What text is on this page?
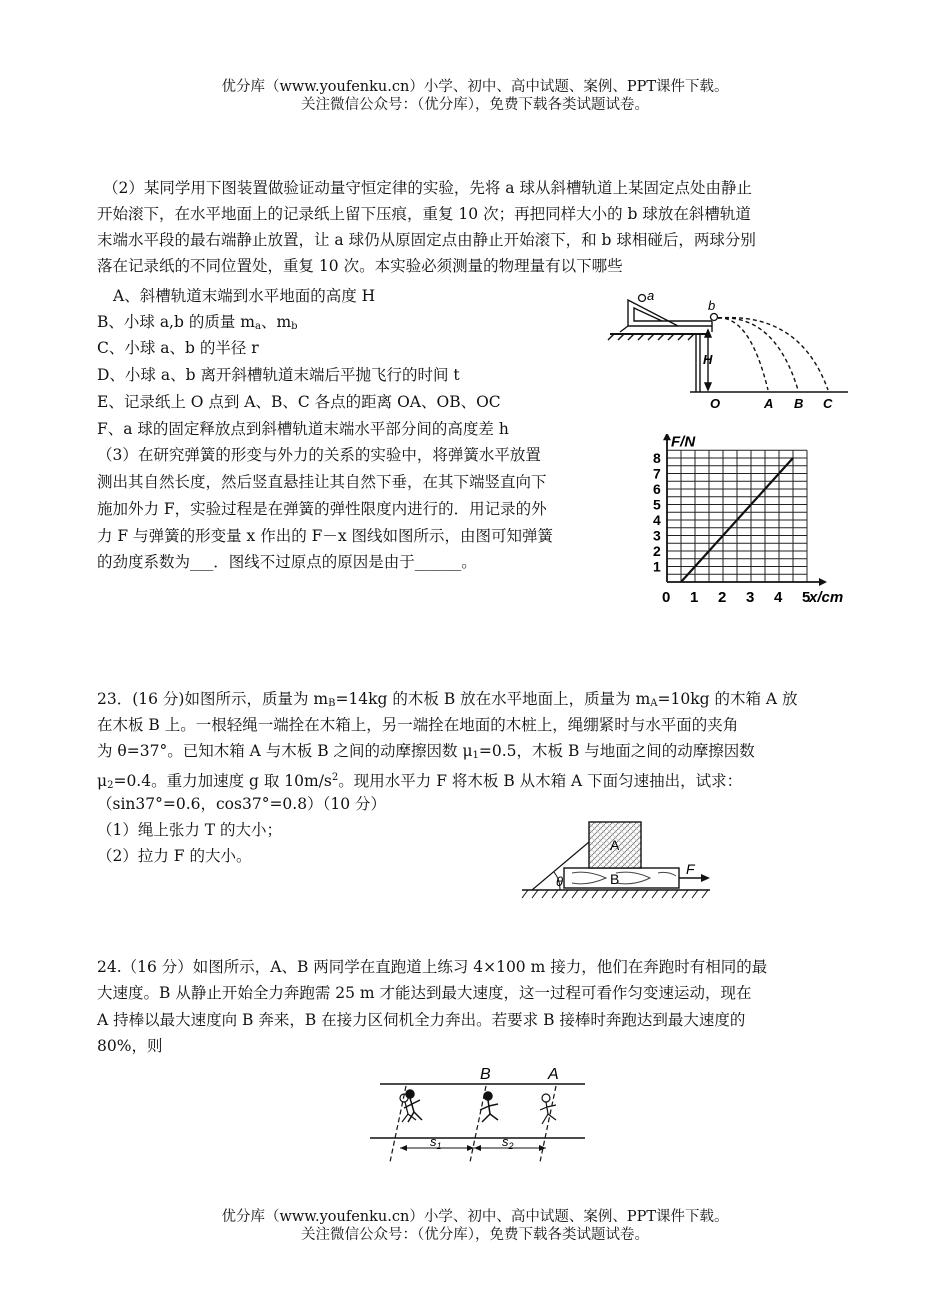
优分库（www.youfenku.cn）小学、初中、高中试题、案例、PPT课件下载。
关注微信公众号：（优分库），免费下载各类试题试卷。
（2）某同学用下图装置做验证动量守恒定律的实验，先将 a 球从斜槽轨道上某固定点处由静止
开始滚下，在水平地面上的记录纸上留下压痕，重复 10 次；再把同样大小的 b 球放在斜槽轨道
末端水平段的最右端静止放置，让 a 球仍从原固定点由静止开始滚下，和 b 球相碰后，两球分别
落在记录纸的不同位置处，重复 10 次。本实验必须测量的物理量有以下哪些
A、斜槽轨道末端到水平地面的高度 H
B、小球 a,b 的质量 $m_a$、$m_b$
C、小球 a、b 的半径 r
D、小球 a、b 离开斜槽轨道末端后平抛飞行的时间 t
E、记录纸上 O 点到 A、B、C 各点的距离 OA、OB、OC
F、a 球的固定释放点到斜槽轨道末端水平部分间的高度差 h
a
b
H
O	A B C
（3）在研究弹簧的形变与外力的关系的实验中，将弹簧水平放置
测出其自然长度，然后竖直悬挂让其自然下垂，在其下端竖直向下
施加外力 F，实验过程是在弹簧的弹性限度内进行的．用记录的外
力 F 与弹簧的形变量 x 作出的 F－x 图线如图所示，由图可知弹簧
的劲度系数为___．图线不过原点的原因是由于______。
0 1 2 3 4 5
1
2
3
4
5
6
7
8
F/N
x/cm
23．(16 分)如图所示，质量为 $m_B=14kg$ 的木板 B 放在水平地面上，质量为 $m_A=10kg$ 的木箱 A 放
在木板 B 上。一根轻绳一端拴在木箱上，另一端拴在地面的木桩上，绳绷紧时与水平面的夹角
为 θ=37°。已知木箱 A 与木板 B 之间的动摩擦因数 $\mu_1=0.5$，木板 B 与地面之间的动摩擦因数
$\mu_2=0.4$。重力加速度 g 取 $10m/s^2$。现用水平力 F 将木板 B 从木箱 A 下面匀速抽出，试求：
（sin37°=0.6，cos37°=0.8）（10 分）
（1）绳上张力 T 的大小；
（2）拉力 F 的大小。
A
B
F
θ
24.（16 分）如图所示，A、B 两同学在直跑道上练习 4×100 m 接力，他们在奔跑时有相同的最
大速度。B 从静止开始全力奔跑需 25 m 才能达到最大速度，这一过程可看作匀变速运动，现在
A 持棒以最大速度向 B 奔来，B 在接力区伺机全力奔出。若要求 B 接棒时奔跑达到最大速度的
80%，则
B	A
$s_1$	$s_2$
优分库（www.youfenku.cn）小学、初中、高中试题、案例、PPT课件下载。
关注微信公众号：（优分库），免费下载各类试题试卷。
